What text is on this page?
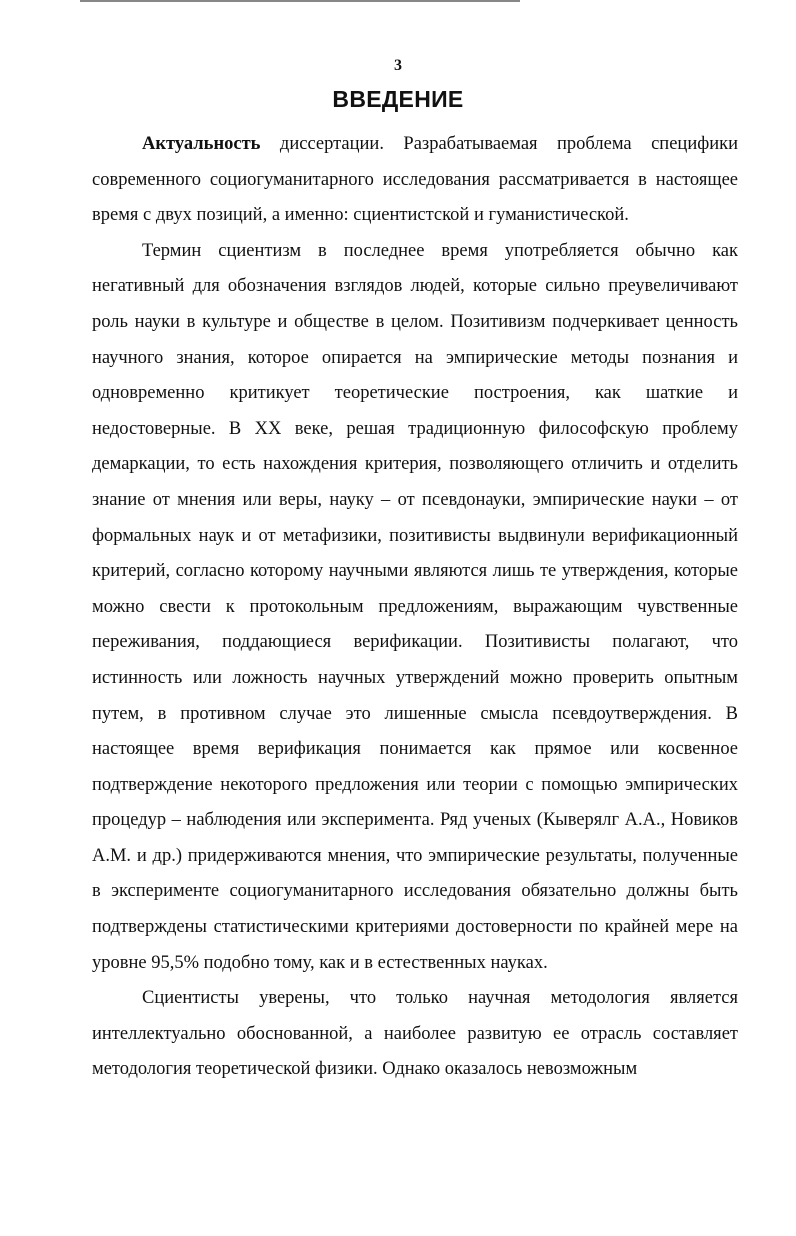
3
ВВЕДЕНИЕ

Актуальность диссертации. Разрабатываемая проблема специфики современного социогуманитарного исследования рассматривается в настоящее время с двух позиций, а именно: сциентистской и гуманистической.

Термин сциентизм в последнее время употребляется обычно как негативный для обозначения взглядов людей, которые сильно преувеличивают роль науки в культуре и обществе в целом. Позитивизм подчеркивает ценность научного знания, которое опирается на эмпирические методы познания и одновременно критикует теоретические построения, как шаткие и недостоверные. В XX веке, решая традиционную философскую проблему демаркации, то есть нахождения критерия, позволяющего отличить и отделить знание от мнения или веры, науку – от псевдонауки, эмпирические науки – от формальных наук и от метафизики, позитивисты выдвинули верификационный критерий, согласно которому научными являются лишь те утверждения, которые можно свести к протокольным предложениям, выражающим чувственные переживания, поддающиеся верификации. Позитивисты полагают, что истинность или ложность научных утверждений можно проверить опытным путем, в противном случае это лишенные смысла псевдоутверждения. В настоящее время верификация понимается как прямое или косвенное подтверждение некоторого предложения или теории с помощью эмпирических процедур – наблюдения или эксперимента. Ряд ученых (Кыверялг А.А., Новиков А.М. и др.) придерживаются мнения, что эмпирические результаты, полученные в эксперименте социогуманитарного исследования обязательно должны быть подтверждены статистическими критериями достоверности по крайней мере на уровне 95,5% подобно тому, как и в естественных науках.

Сциентисты уверены, что только научная методология является интеллектуально обоснованной, а наиболее развитую ее отрасль составляет методология теоретической физики. Однако оказалось невозможным
